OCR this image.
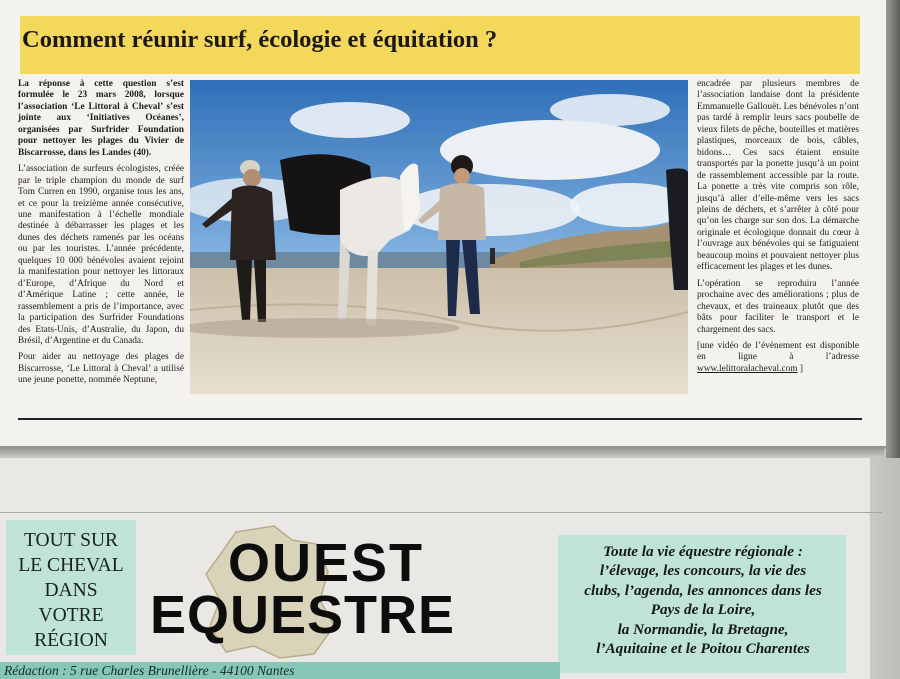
Comment réunir surf, écologie et équitation ?

La réponse à cette question s’est formulée le 23 mars 2008, lorsque l’association ‘Le Littoral à Cheval’ s’est jointe aux ‘Initiatives Océanes’, organisées par Surfrider Foundation pour nettoyer les plages du Vivier de Biscarrosse, dans les Landes (40).

L’association de surfeurs écologistes, créée par le triple champion du monde de surf Tom Curren en 1990, organise tous les ans, et ce pour la treizième année consécutive, une manifestation à l’échelle mondiale destinée à débarrasser les plages et les dunes des déchets ramenés par les océans ou par les touristes. L’année précédente, quelques 10 000 bénévoles avaient rejoint la manifestation pour nettoyer les littoraux d’Europe, d’Afrique du Nord et d’Amérique Latine ; cette année, le rassemblement a pris de l’importance, avec la participation des Surfrider Foundations des Etats-Unis, d’Australie, du Japon, du Brésil, d’Argentine et du Canada.

Pour aider au nettoyage des plages de Biscarrosse, ‘Le Littoral à Cheval’ a utilisé une jeune ponette, nommée Neptune,

encadrée par plusieurs membres de l’association landaise dont la présidente Emmanuelle Gallouët. Les bénévoles n’ont pas tardé à remplir leurs sacs poubelle de vieux filets de pêche, bouteilles et matières plastiques, morceaux de bois, câbles, bidons… Ces sacs étaient ensuite transportés par la ponette jusqu’à un point de rassemblement accessible par la route. La ponette a très vite compris son rôle, jusqu’à aller d’elle-même vers les sacs pleins de déchets, et s’arrêter à côté pour qu’on les charge sur son dos. La démarche originale et écologique donnait du cœur à l’ouvrage aux bénévoles qui se fatiguaient beaucoup moins et pouvaient nettoyer plus efficacement les plages et les dunes.

L’opération se reproduira l’année prochaine avec des améliorations ; plus de chevaux, et des traineaux plutôt que des bâts pour faciliter le transport et le chargement des sacs.

[une vidéo de l’évènement est disponible en ligne à l’adresse www.lelittoralacheval.com ]

TOUT SUR
LE CHEVAL
DANS
VOTRE
RÉGION
OUEST
EQUESTRE
Toute la vie équestre régionale :
l’élevage, les concours, la vie des
clubs, l’agenda, les annonces dans les
Pays de la Loire,
la Normandie, la Bretagne,
l’Aquitaine et le Poitou Charentes
Rédaction : 5 rue Charles Brunellière - 44100 Nantes
